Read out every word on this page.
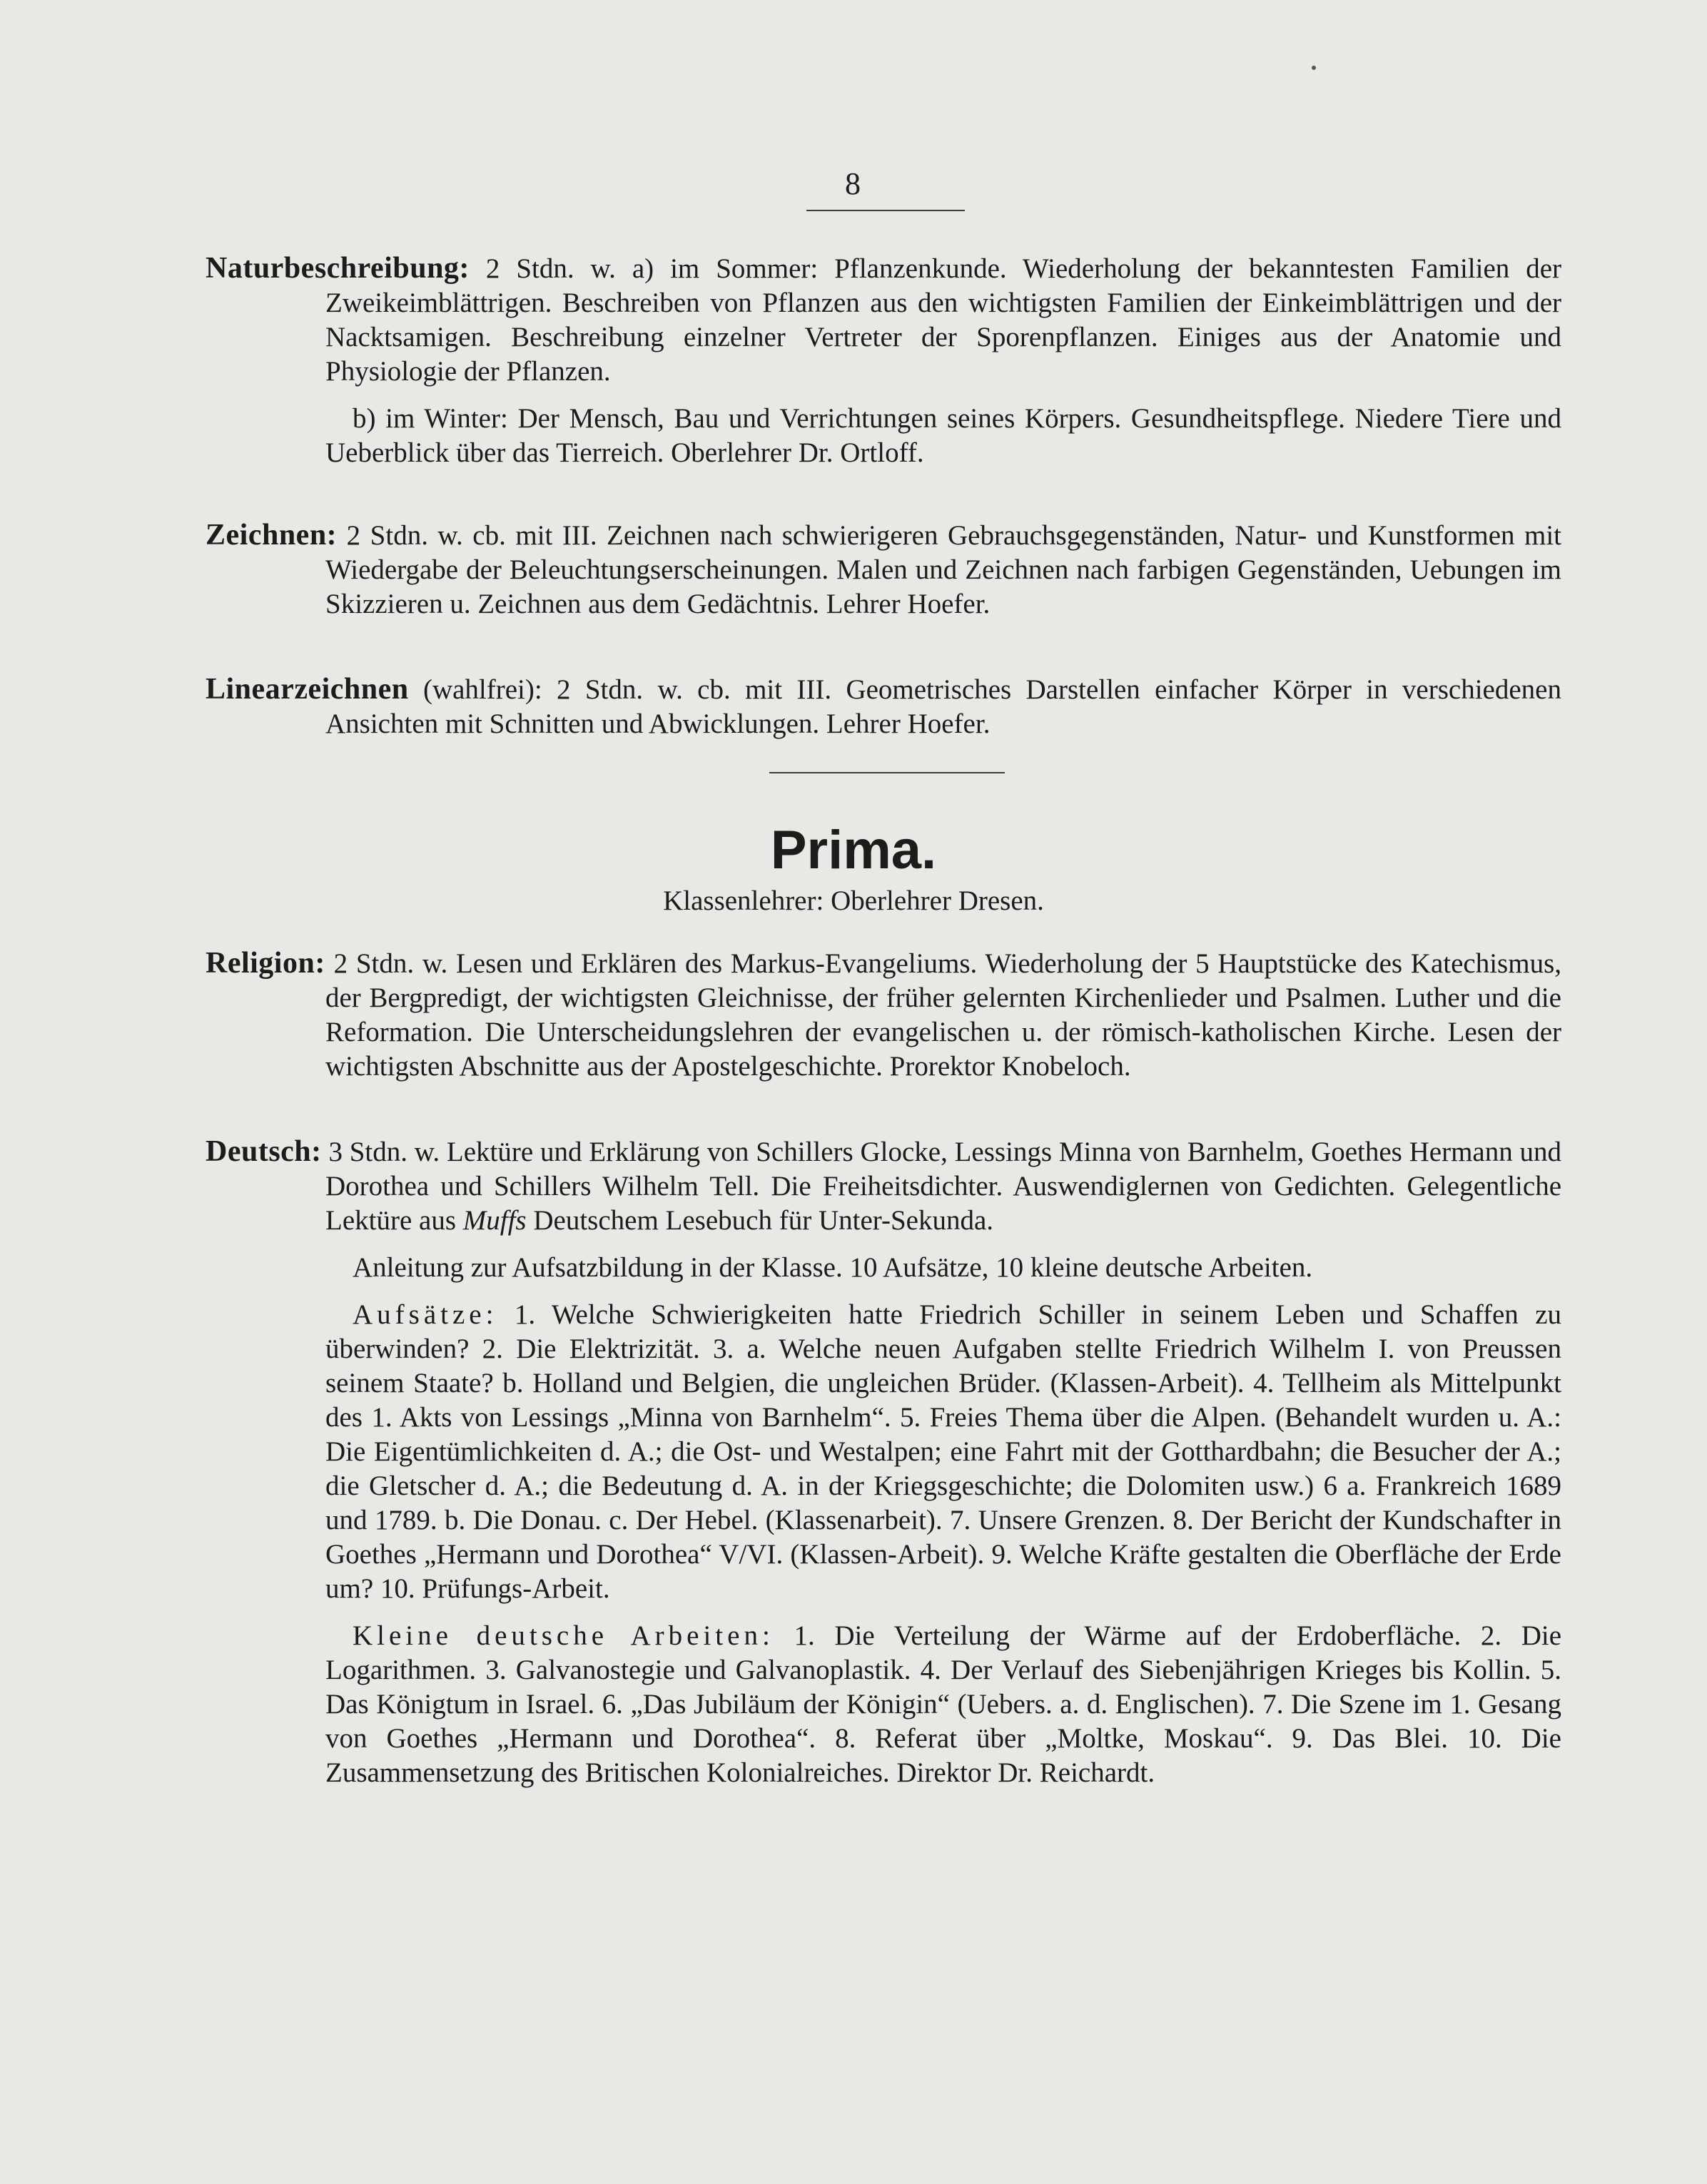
8

Naturbeschreibung: 2 Stdn. w. a) im Sommer: Pflanzenkunde. Wiederholung der bekanntesten Familien der Zweikeimblättrigen. Beschreiben von Pflanzen aus den wichtigsten Familien der Einkeimblättrigen und der Nacktsamigen. Beschreibung einzelner Vertreter der Sporenpflanzen. Einiges aus der Anatomie und Physiologie der Pflanzen.

b) im Winter: Der Mensch, Bau und Verrichtungen seines Körpers. Gesundheitspflege. Niedere Tiere und Ueberblick über das Tierreich. Oberlehrer Dr. Ortloff.

Zeichnen: 2 Stdn. w. cb. mit III. Zeichnen nach schwierigeren Gebrauchsgegenständen, Natur- und Kunstformen mit Wiedergabe der Beleuchtungserscheinungen. Malen und Zeichnen nach farbigen Gegenständen, Uebungen im Skizzieren u. Zeichnen aus dem Gedächtnis. Lehrer Hoefer.

Linearzeichnen (wahlfrei): 2 Stdn. w. cb. mit III. Geometrisches Darstellen einfacher Körper in verschiedenen Ansichten mit Schnitten und Abwicklungen. Lehrer Hoefer.

Prima.
Klassenlehrer: Oberlehrer Dresen.

Religion: 2 Stdn. w. Lesen und Erklären des Markus-Evangeliums. Wiederholung der 5 Hauptstücke des Katechismus, der Bergpredigt, der wichtigsten Gleichnisse, der früher gelernten Kirchenlieder und Psalmen. Luther und die Reformation. Die Unterscheidungslehren der evangelischen u. der römisch-katholischen Kirche. Lesen der wichtigsten Abschnitte aus der Apostelgeschichte. Prorektor Knobeloch.

Deutsch: 3 Stdn. w. Lektüre und Erklärung von Schillers Glocke, Lessings Minna von Barnhelm, Goethes Hermann und Dorothea und Schillers Wilhelm Tell. Die Freiheitsdichter. Auswendiglernen von Gedichten. Gelegentliche Lektüre aus Muffs Deutschem Lesebuch für Unter-Sekunda.

Anleitung zur Aufsatzbildung in der Klasse. 10 Aufsätze, 10 kleine deutsche Arbeiten.

Aufsätze: 1. Welche Schwierigkeiten hatte Friedrich Schiller in seinem Leben und Schaffen zu überwinden? 2. Die Elektrizität. 3. a. Welche neuen Aufgaben stellte Friedrich Wilhelm I. von Preussen seinem Staate? b. Holland und Belgien, die ungleichen Brüder. (Klassen-Arbeit). 4. Tellheim als Mittelpunkt des 1. Akts von Lessings „Minna von Barnhelm“. 5. Freies Thema über die Alpen. (Behandelt wurden u. A.: Die Eigentümlichkeiten d. A.; die Ost- und Westalpen; eine Fahrt mit der Gotthardbahn; die Besucher der A.; die Gletscher d. A.; die Bedeutung d. A. in der Kriegsgeschichte; die Dolomiten usw.) 6 a. Frankreich 1689 und 1789. b. Die Donau. c. Der Hebel. (Klassenarbeit). 7. Unsere Grenzen. 8. Der Bericht der Kundschafter in Goethes „Hermann und Dorothea“ V/VI. (Klassen-Arbeit). 9. Welche Kräfte gestalten die Oberfläche der Erde um? 10. Prüfungs-Arbeit.

Kleine deutsche Arbeiten: 1. Die Verteilung der Wärme auf der Erdoberfläche. 2. Die Logarithmen. 3. Galvanostegie und Galvanoplastik. 4. Der Verlauf des Siebenjährigen Krieges bis Kollin. 5. Das Königtum in Israel. 6. „Das Jubiläum der Königin“ (Uebers. a. d. Englischen). 7. Die Szene im 1. Gesang von Goethes „Hermann und Dorothea“. 8. Referat über „Moltke, Moskau“. 9. Das Blei. 10. Die Zusammensetzung des Britischen Kolonialreiches. Direktor Dr. Reichardt.
